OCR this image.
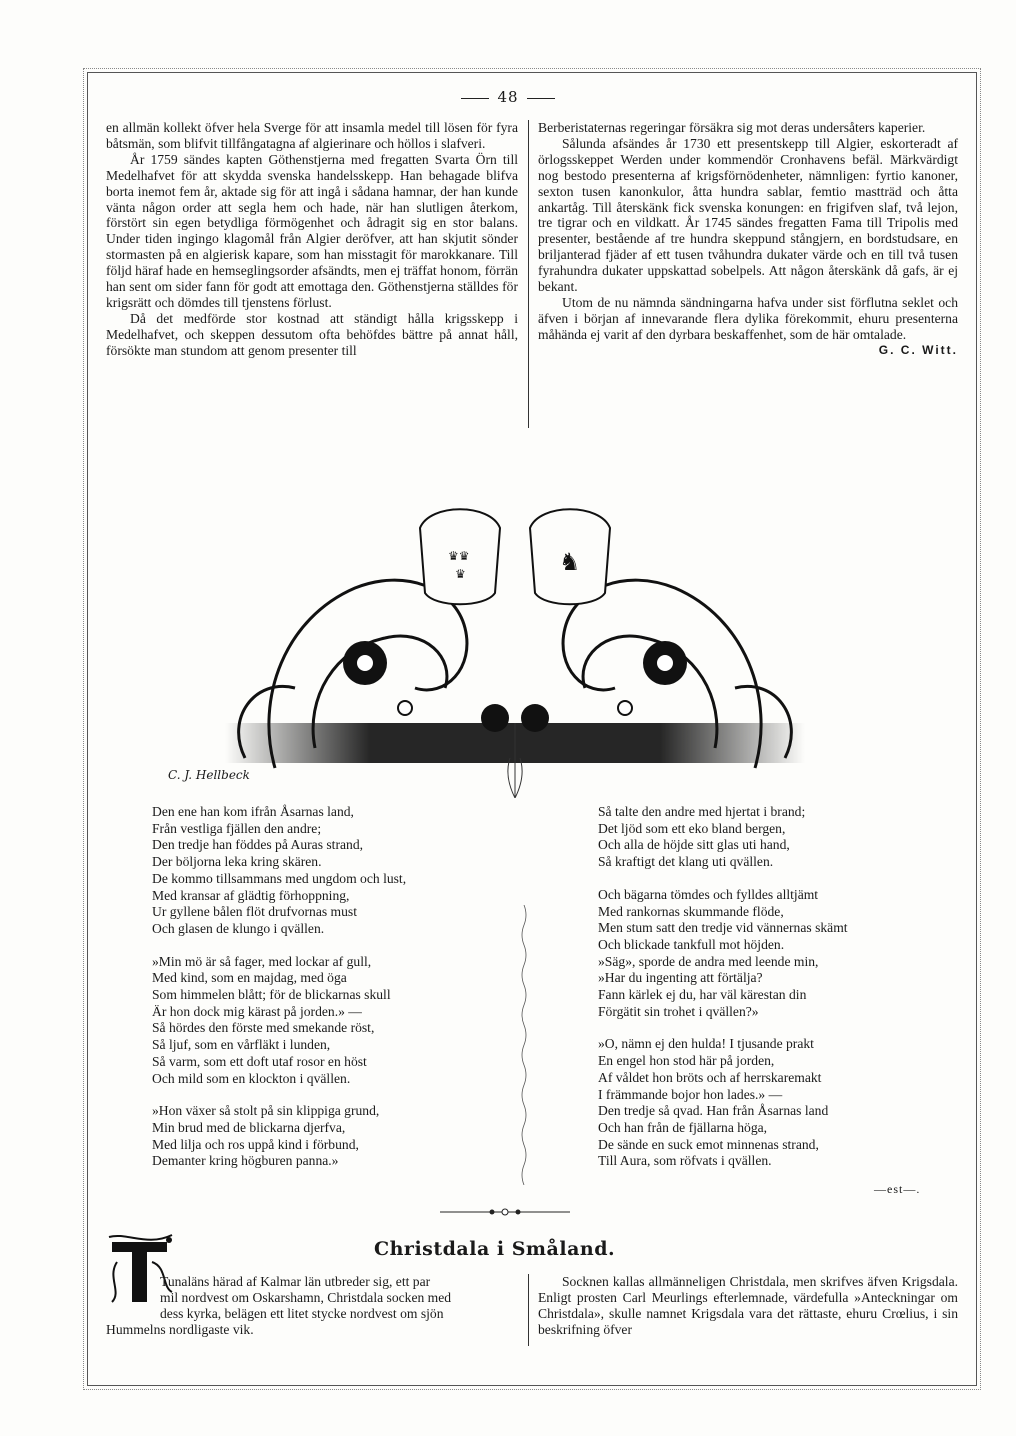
48

en allmän kollekt öfver hela Sverge för att insamla medel till lösen för fyra båtsmän, som blifvit tillfångatagna af algierinare och höllos i slafveri.

År 1759 sändes kapten Göthenstjerna med fregatten Svarta Örn till Medelhafvet för att skydda svenska handelsskepp. Han behagade blifva borta inemot fem år, aktade sig för att ingå i sådana hamnar, der han kunde vänta någon order att segla hem och hade, när han slutligen återkom, förstört sin egen betydliga förmögenhet och ådragit sig en stor balans. Under tiden ingingo klagomål från Algier deröfver, att han skjutit sönder stormasten på en algierisk kapare, som han misstagit för marokkanare. Till följd häraf hade en hemseglingsorder afsändts, men ej träffat honom, förrän han sent om sider fann för godt att emottaga den. Göthenstjerna ställdes för krigsrätt och dömdes till tjenstens förlust.

Då det medförde stor kostnad att ständigt hålla krigsskepp i Medelhafvet, och skeppen dessutom ofta behöfdes bättre på annat håll, försökte man stundom att genom presenter till

Berberistaternas regeringar försäkra sig mot deras undersåters kaperier.

Sålunda afsändes år 1730 ett presentskepp till Algier, eskorteradt af örlogsskeppet Werden under kommendör Cronhavens befäl. Märkvärdigt nog bestodo presenterna af krigsförnödenheter, nämnligen: fyrtio kanoner, sexton tusen kanonkulor, åtta hundra sablar, femtio mastträd och åtta ankartåg. Till återskänk fick svenska konungen: en frigifven slaf, två lejon, tre tigrar och en vildkatt. År 1745 sändes fregatten Fama till Tripolis med presenter, bestående af tre hundra skeppund stångjern, en bordstudsare, en briljanterad fjäder af ett tusen tvåhundra dukater värde och en till två tusen fyrahundra dukater uppskattad sobelpels. Att någon återskänk då gafs, är ej bekant.

Utom de nu nämnda sändningarna hafva under sist förflutna seklet och äfven i början af innevarande flera dylika förekommit, ehuru presenterna måhända ej varit af den dyrbara beskaffenhet, som de här omtalade.
G. C. Witt.

♛♛
♛	♞
C. J. Hellbeck
Den ene han kom ifrån Åsarnas land,
Från vestliga fjällen den andre;
Den tredje han föddes på Auras strand,
Der böljorna leka kring skären.
De kommo tillsammans med ungdom och lust,
Med kransar af glädtig förhoppning,
Ur gyllene bålen flöt drufvornas must
Och glasen de klungo i qvällen.
»Min mö är så fager, med lockar af gull,
Med kind, som en majdag, med öga
Som himmelen blått; för de blickarnas skull
Är hon dock mig kärast på jorden.» —
Så hördes den förste med smekande röst,
Så ljuf, som en vårfläkt i lunden,
Så varm, som ett doft utaf rosor en höst
Och mild som en klockton i qvällen.
»Hon växer så stolt på sin klippiga grund,
Min brud med de blickarna djerfva,
Med lilja och ros uppå kind i förbund,
Demanter kring högburen panna.»
Så talte den andre med hjertat i brand;
Det ljöd som ett eko bland bergen,
Och alla de höjde sitt glas uti hand,
Så kraftigt det klang uti qvällen.
Och bägarna tömdes och fylldes alltjämt
Med rankornas skummande flöde,
Men stum satt den tredje vid vännernas skämt
Och blickade tankfull mot höjden.
»Säg», sporde de andra med leende min,
»Har du ingenting att förtälja?
Fann kärlek ej du, har väl kärestan din
Förgätit sin trohet i qvällen?»
»O, nämn ej den hulda! I tjusande prakt
En engel hon stod här på jorden,
Af våldet hon bröts och af herrskaremakt
I främmande bojor hon lades.» —
Den tredje så qvad. Han från Åsarnas land
Och han från de fjällarna höga,
De sände en suck emot minnenas strand,
Till Aura, som röfvats i qvällen.
—est—.
Christdala i Småland.

Tunaläns härad af Kalmar län utbreder sig, ett par

mil nordvest om Oskarshamn, Christdala socken med

dess kyrka, belägen ett litet stycke nordvest om sjön

Hummelns nordligaste vik.

Socknen kallas allmänneligen Christdala, men skrifves äfven Krigsdala. Enligt prosten Carl Meurlings efterlemnade, värdefulla »Anteckningar om Christdala», skulle namnet Krigsdala vara det rättaste, ehuru Crœlius, i sin beskrifning öfver
